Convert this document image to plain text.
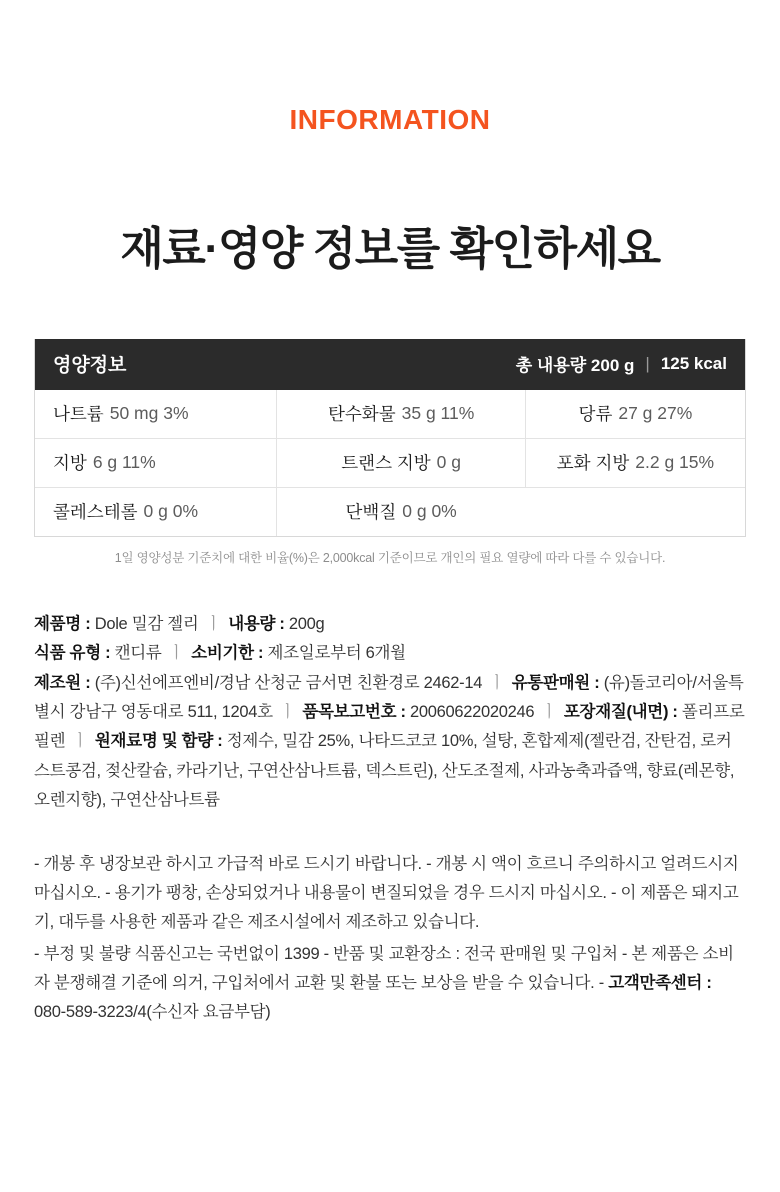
INFORMATION
재료·영양 정보를 확인하세요
영양정보	총 내용량 200 g | 125 kcal
나트륨 50 mg 3%	탄수화물 35 g 11%	당류 27 g 27%
지방 6 g 11%	트랜스 지방 0 g	포화 지방 2.2 g 15%
콜레스테롤 0 g 0%	단백질 0 g 0%
1일 영양성분 기준치에 대한 비율(%)은 2,000kcal 기준이므로 개인의 필요 열량에 따라 다를 수 있습니다.
제품명 : Dole 밀감 젤리 ㅣ 내용량 : 200g
식품 유형 : 캔디류 ㅣ 소비기한 : 제조일로부터 6개월
제조원 : (주)신선에프엔비/경남 산청군 금서면 친환경로 2462-14 ㅣ 유통판매원 : (유)돌코리아/서울특별시 강남구 영동대로 511, 1204호 ㅣ 품목보고번호 : 20060622020246 ㅣ 포장재질(내면) : 폴리프로필렌 ㅣ 원재료명 및 함량 : 정제수, 밀감 25%, 나타드코코 10%, 설탕, 혼합제제(젤란검, 잔탄검, 로커스트콩검, 젖산칼슘, 카라기난, 구연산삼나트륨, 덱스트린), 산도조절제, 사과농축과즙액, 향료(레몬향, 오렌지향), 구연산삼나트륨

- 개봉 후 냉장보관 하시고 가급적 바로 드시기 바랍니다. - 개봉 시 액이 흐르니 주의하시고 얼려드시지 마십시오. - 용기가 팽창, 손상되었거나 내용물이 변질되었을 경우 드시지 마십시오. - 이 제품은 돼지고기, 대두를 사용한 제품과 같은 제조시설에서 제조하고 있습니다.

- 부정 및 불량 식품신고는 국번없이 1399 - 반품 및 교환장소 : 전국 판매원 및 구입처 - 본 제품은 소비자 분쟁해결 기준에 의거, 구입처에서 교환 및 환불 또는 보상을 받을 수 있습니다. - 고객만족센터 : 080-589-3223/4(수신자 요금부담)
